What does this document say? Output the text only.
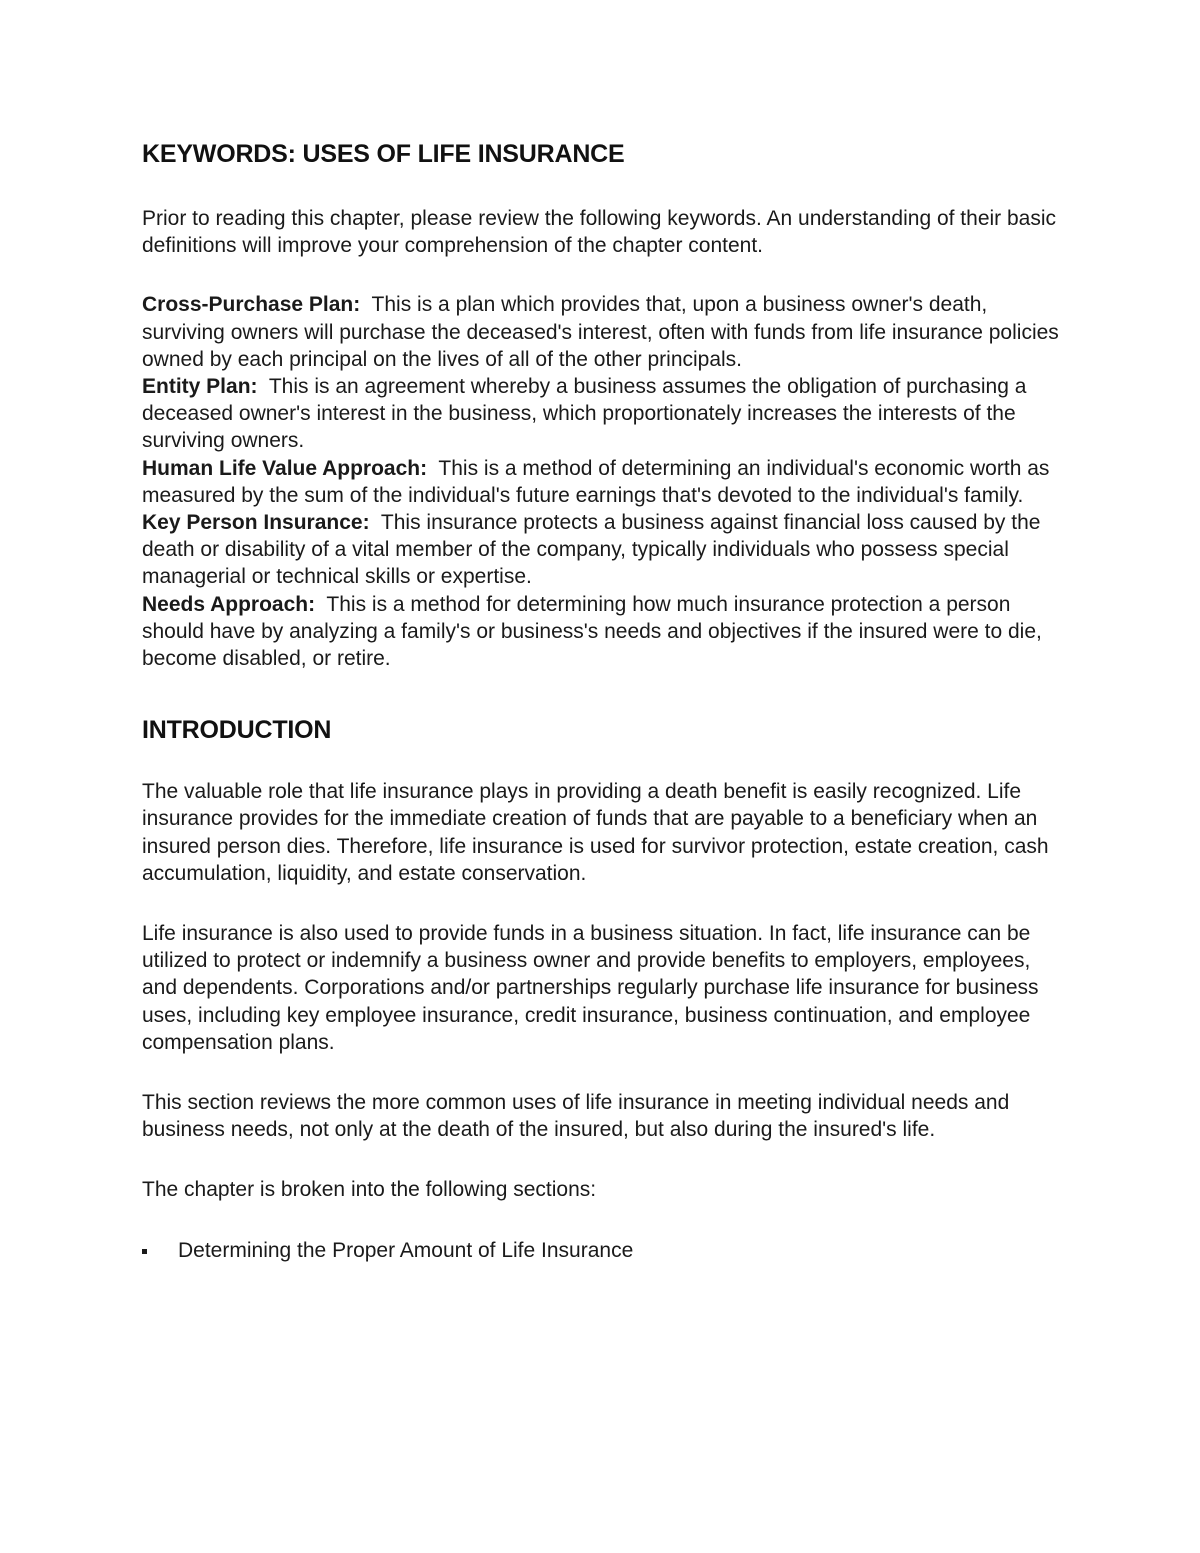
KEYWORDS: USES OF LIFE INSURANCE

Prior to reading this chapter, please review the following keywords. An understanding of their basic definitions will improve your comprehension of the chapter content.

Cross-Purchase Plan: This is a plan which provides that, upon a business owner's death, surviving owners will purchase the deceased's interest, often with funds from life insurance policies owned by each principal on the lives of all of the other principals.

Entity Plan: This is an agreement whereby a business assumes the obligation of purchasing a deceased owner's interest in the business, which proportionately increases the interests of the surviving owners.

Human Life Value Approach: This is a method of determining an individual's economic worth as measured by the sum of the individual's future earnings that's devoted to the individual's family.

Key Person Insurance: This insurance protects a business against financial loss caused by the death or disability of a vital member of the company, typically individuals who possess special managerial or technical skills or expertise.

Needs Approach: This is a method for determining how much insurance protection a person should have by analyzing a family's or business's needs and objectives if the insured were to die, become disabled, or retire.

INTRODUCTION

The valuable role that life insurance plays in providing a death benefit is easily recognized. Life insurance provides for the immediate creation of funds that are payable to a beneficiary when an insured person dies. Therefore, life insurance is used for survivor protection, estate creation, cash accumulation, liquidity, and estate conservation.

Life insurance is also used to provide funds in a business situation. In fact, life insurance can be utilized to protect or indemnify a business owner and provide benefits to employers, employees, and dependents. Corporations and/or partnerships regularly purchase life insurance for business uses, including key employee insurance, credit insurance, business continuation, and employee compensation plans.

This section reviews the more common uses of life insurance in meeting individual needs and business needs, not only at the death of the insured, but also during the insured's life.

The chapter is broken into the following sections:

Determining the Proper Amount of Life Insurance
